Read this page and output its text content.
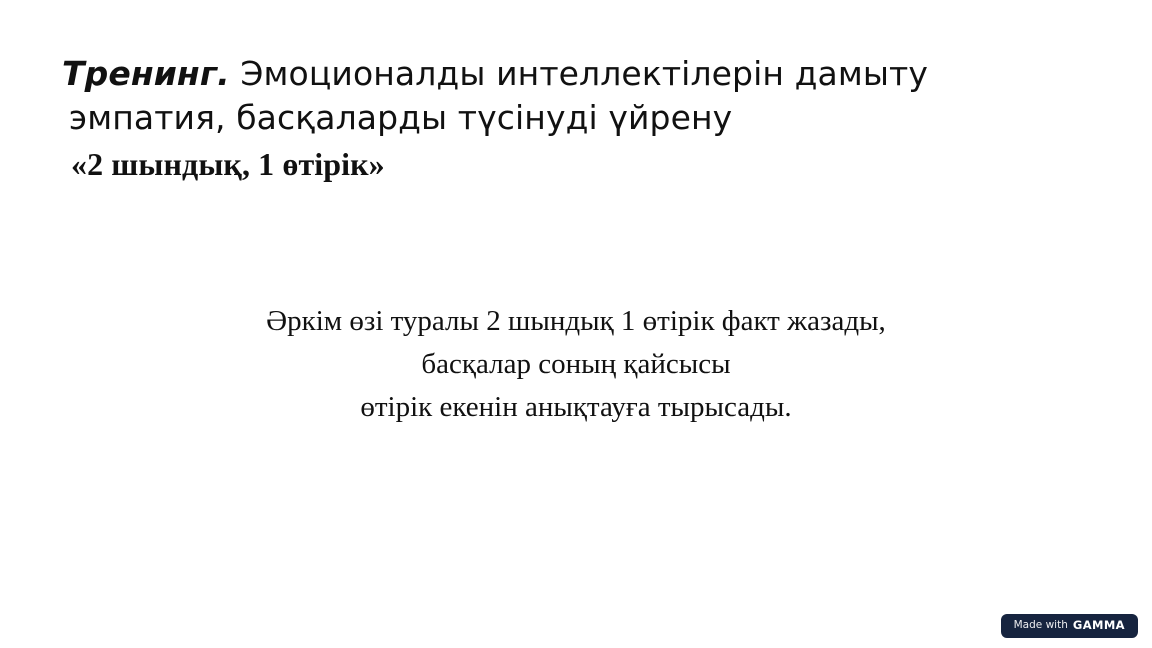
Тренинг. Эмоционалды интеллектілерін дамыту
эмпатия, басқаларды түсінуді үйрену
«2 шындық, 1 өтірік»
Әркім өзі туралы 2 шындық 1 өтірік факт жазады,
басқалар соның қайсысы
өтірік екенін анықтауға тырысады.
Made with GAMMA
